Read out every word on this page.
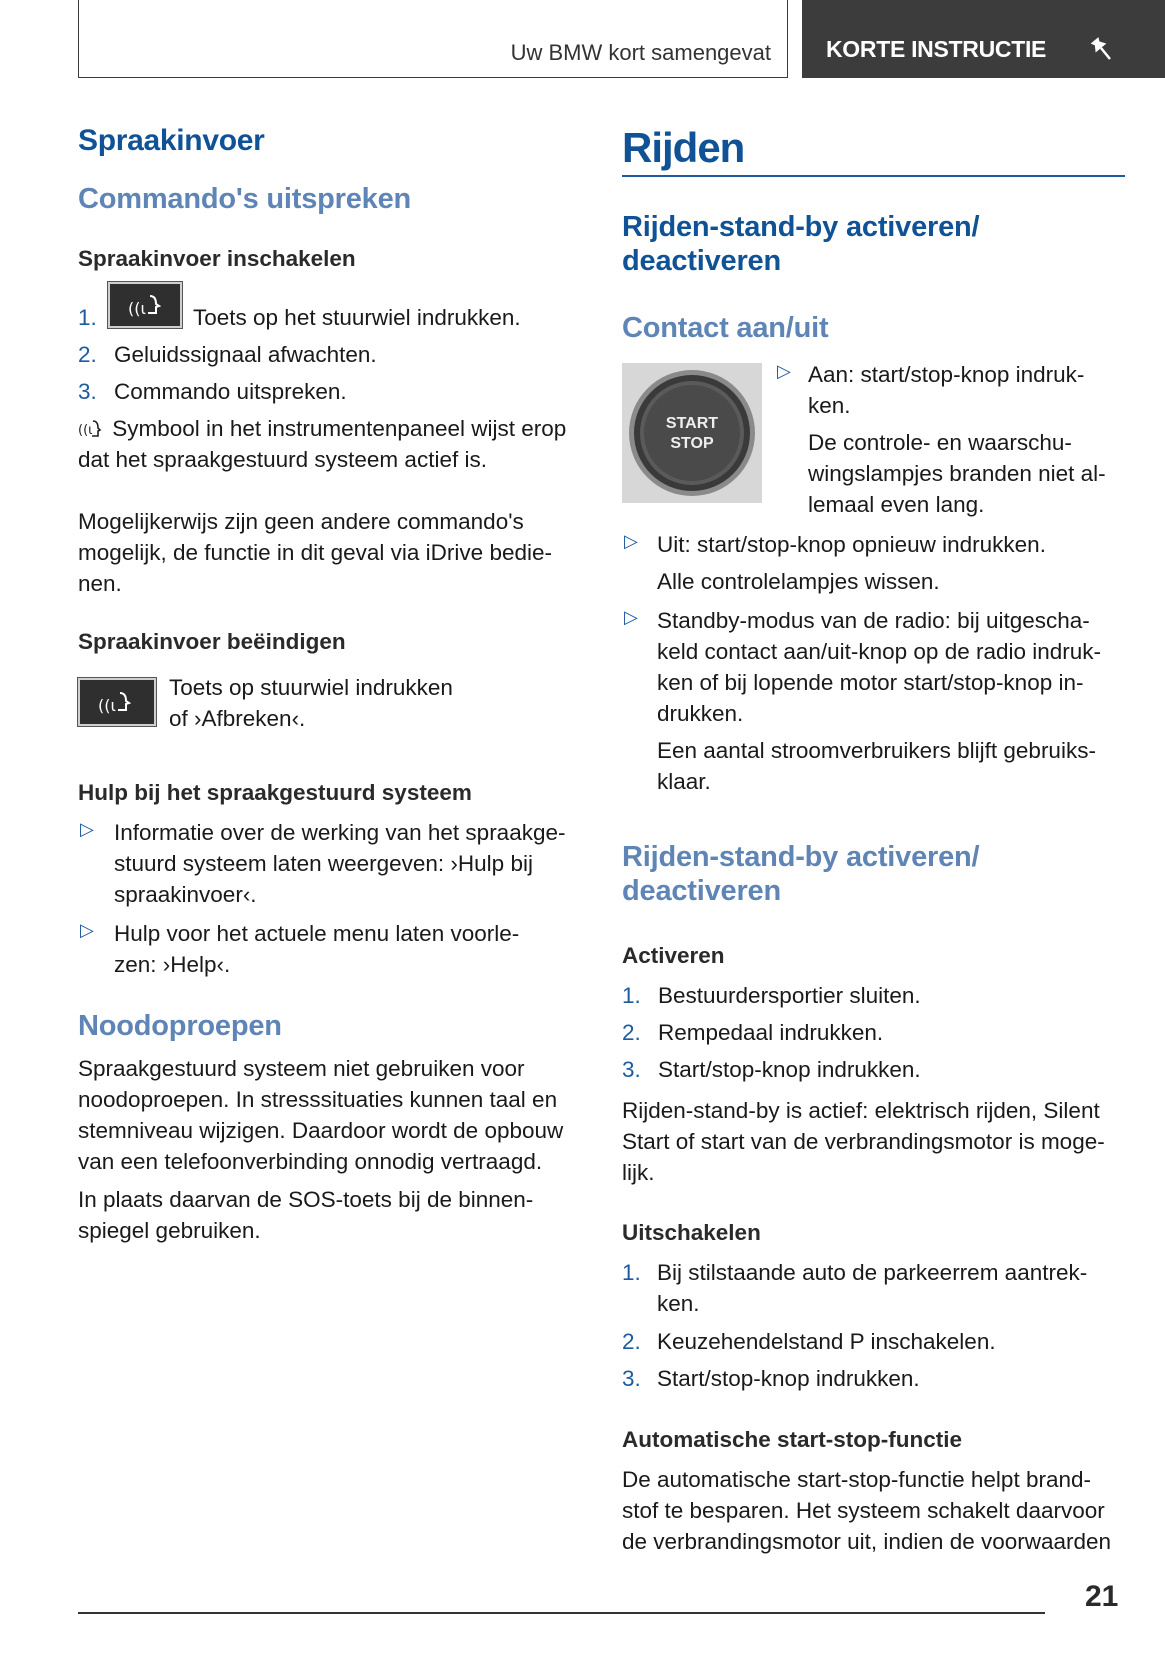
Uw BMW kort samengevat	KORTE INSTRUCTIE
Spraakinvoer
Commando's uitspreken
Spraakinvoer inschakelen
1. ((ι Toets op het stuurwiel indrukken.
2. Geluidssignaal afwachten.
3. Commando uitspreken.

((ι Symbool in het instrumentenpaneel wijst erop

dat het spraakgestuurd systeem actief is.

Mogelijkerwijs zijn geen andere commando's

mogelijk, de functie in dit geval via iDrive bedie-

nen.

Spraakinvoer beëindigen
((ι

Toets op stuurwiel indrukken

of ›Afbreken‹.

Hulp bij het spraakgestuurd systeem
▷ Informatie over de werking van het spraakge-

stuurd systeem laten weergeven: ›Hulp bij

spraakinvoer‹.

▷ Hulp voor het actuele menu laten voorle-

zen: ›Help‹.

Noodoproepen

Spraakgestuurd systeem niet gebruiken voor

noodoproepen. In stresssituaties kunnen taal en

stemniveau wijzigen. Daardoor wordt de opbouw

van een telefoonverbinding onnodig vertraagd.

In plaats daarvan de SOS-toets bij de binnen-

spiegel gebruiken.

Rijden
Rijden-stand-by activeren/
deactiveren
Contact aan/uit
START
STOP
▷ Aan: start/stop-knop indruk-

ken.

De controle- en waarschu-

wingslampjes branden niet al-

lemaal even lang.

▷ Uit: start/stop-knop opnieuw indrukken.

Alle controlelampjes wissen.

▷ Standby-modus van de radio: bij uitgescha-

keld contact aan/uit-knop op de radio indruk-

ken of bij lopende motor start/stop-knop in-

drukken.

Een aantal stroomverbruikers blijft gebruiks-

klaar.

Rijden-stand-by activeren/
deactiveren
Activeren
1. Bestuurdersportier sluiten.
2. Rempedaal indrukken.
3. Start/stop-knop indrukken.

Rijden-stand-by is actief: elektrisch rijden, Silent

Start of start van de verbrandingsmotor is moge-

lijk.

Uitschakelen
1. Bij stilstaande auto de parkeerrem aantrek-

ken.

2. Keuzehendelstand P inschakelen.
3. Start/stop-knop indrukken.
Automatische start-stop-functie

De automatische start-stop-functie helpt brand-

stof te besparen. Het systeem schakelt daarvoor

de verbrandingsmotor uit, indien de voorwaarden

21
